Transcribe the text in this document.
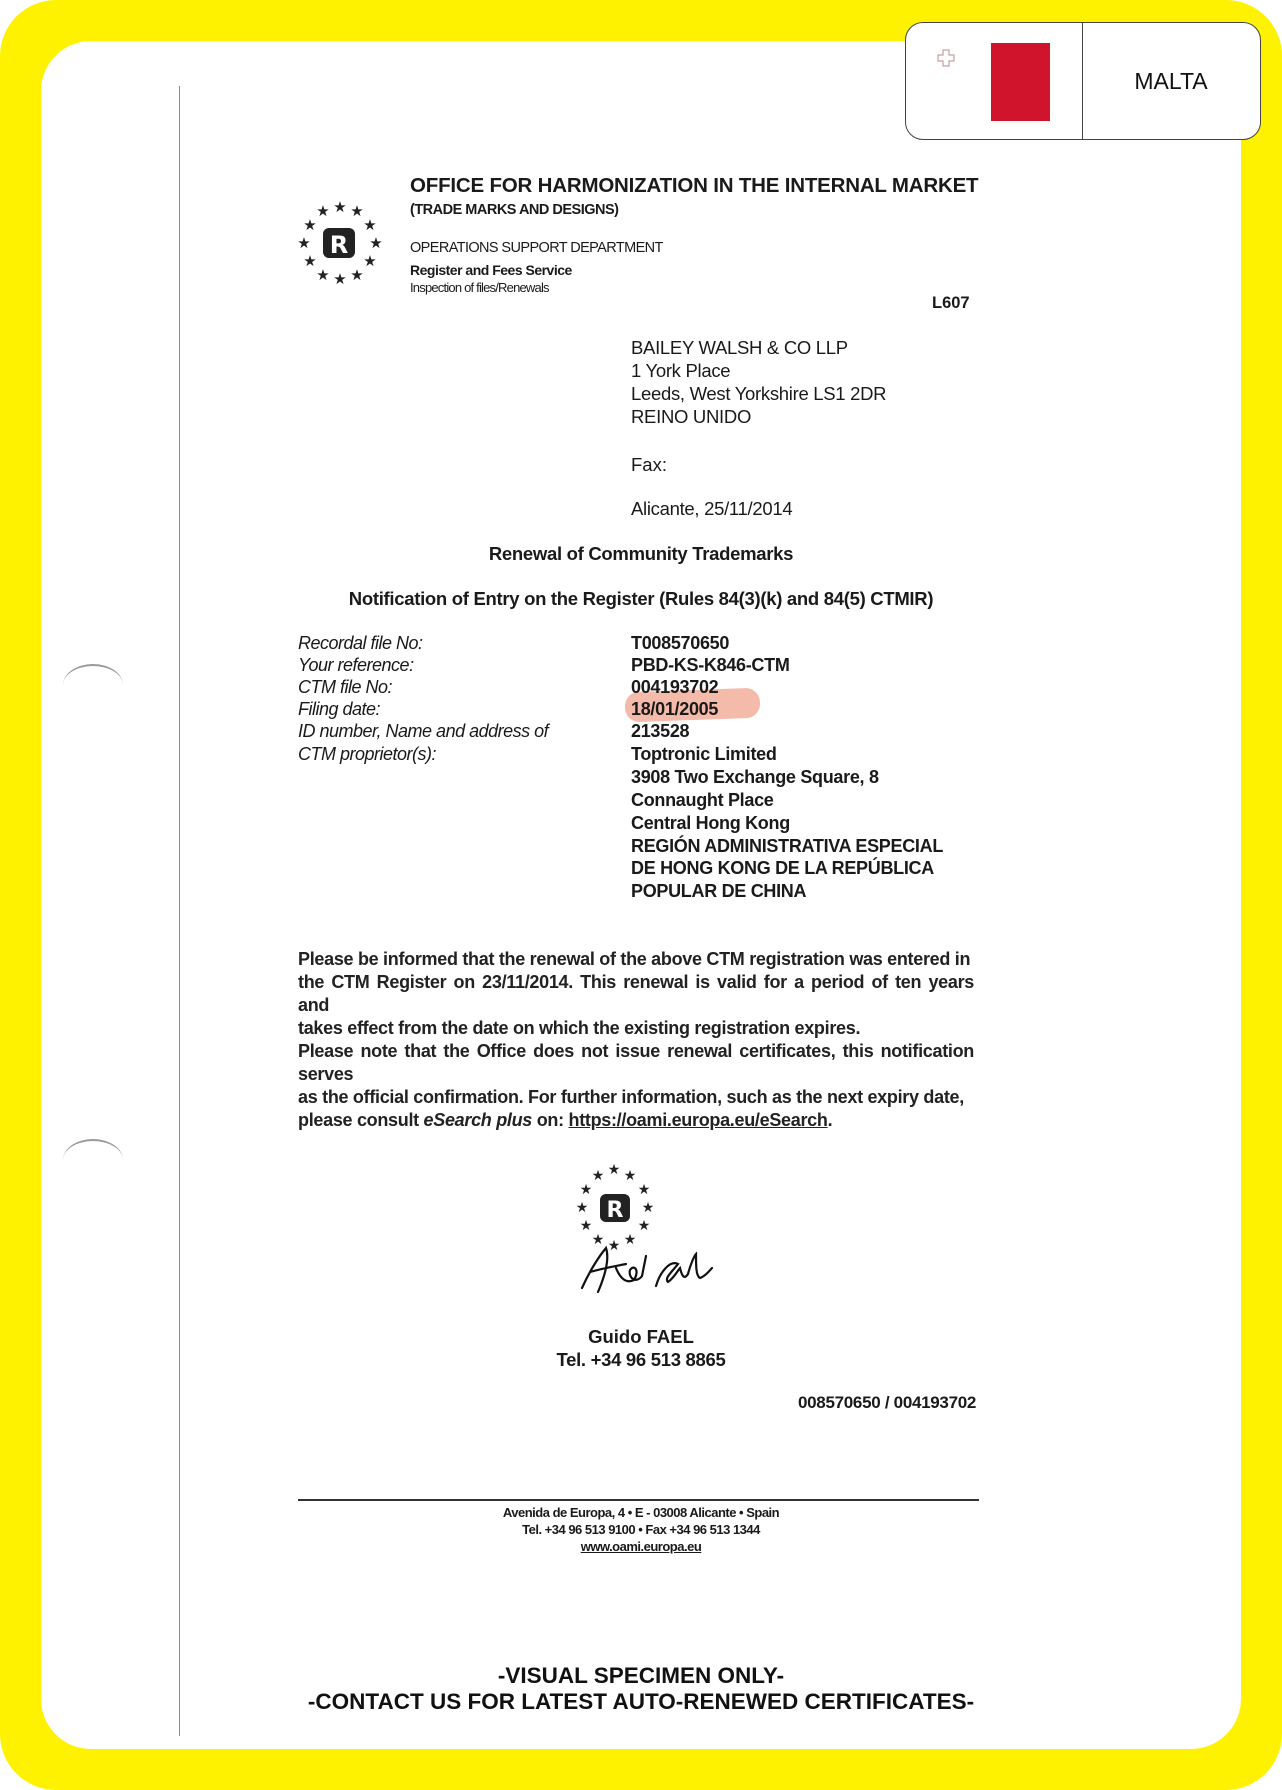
MALTA
★
★ ★
★	★
★	★
★	★
★ ★
★
R
OFFICE FOR HARMONIZATION IN THE INTERNAL MARKET
(TRADE MARKS AND DESIGNS)
OPERATIONS SUPPORT DEPARTMENT
Register and Fees Service
Inspection of files/Renewals
L607
BAILEY WALSH & CO LLP
1 York Place
Leeds, West Yorkshire LS1 2DR
REINO UNIDO
Fax:
Alicante, 25/11/2014
Renewal of Community Trademarks
Notification of Entry on the Register (Rules 84(3)(k) and 84(5) CTMIR)
Recordal file No:	T008570650
Your reference:	PBD-KS-K846-CTM
CTM file No:	004193702
Filing date:	18/01/2005
ID number, Name and address of	213528
CTM proprietor(s):	Toptronic Limited
3908 Two Exchange Square, 8
Connaught Place
Central Hong Kong
REGIÓN ADMINISTRATIVA ESPECIAL
DE HONG KONG DE LA REPÚBLICA
POPULAR DE CHINA
Please be informed that the renewal of the above CTM registration was entered in
the CTM Register on 23/11/2014. This renewal is valid for a period of ten years and
takes effect from the date on which the existing registration expires.
Please note that the Office does not issue renewal certificates, this notification serves
as the official confirmation. For further information, such as the next expiry date,
please consult eSearch plus on: https://oami.europa.eu/eSearch.
★
★ ★
★	★
★	★
★	★
★ ★
★
R
Guido FAEL
Tel. +34 96 513 8865
008570650 / 004193702
Avenida de Europa, 4 • E - 03008 Alicante • Spain
Tel. +34 96 513 9100 • Fax +34 96 513 1344
www.oami.europa.eu
-VISUAL SPECIMEN ONLY-
-CONTACT US FOR LATEST AUTO-RENEWED CERTIFICATES-
